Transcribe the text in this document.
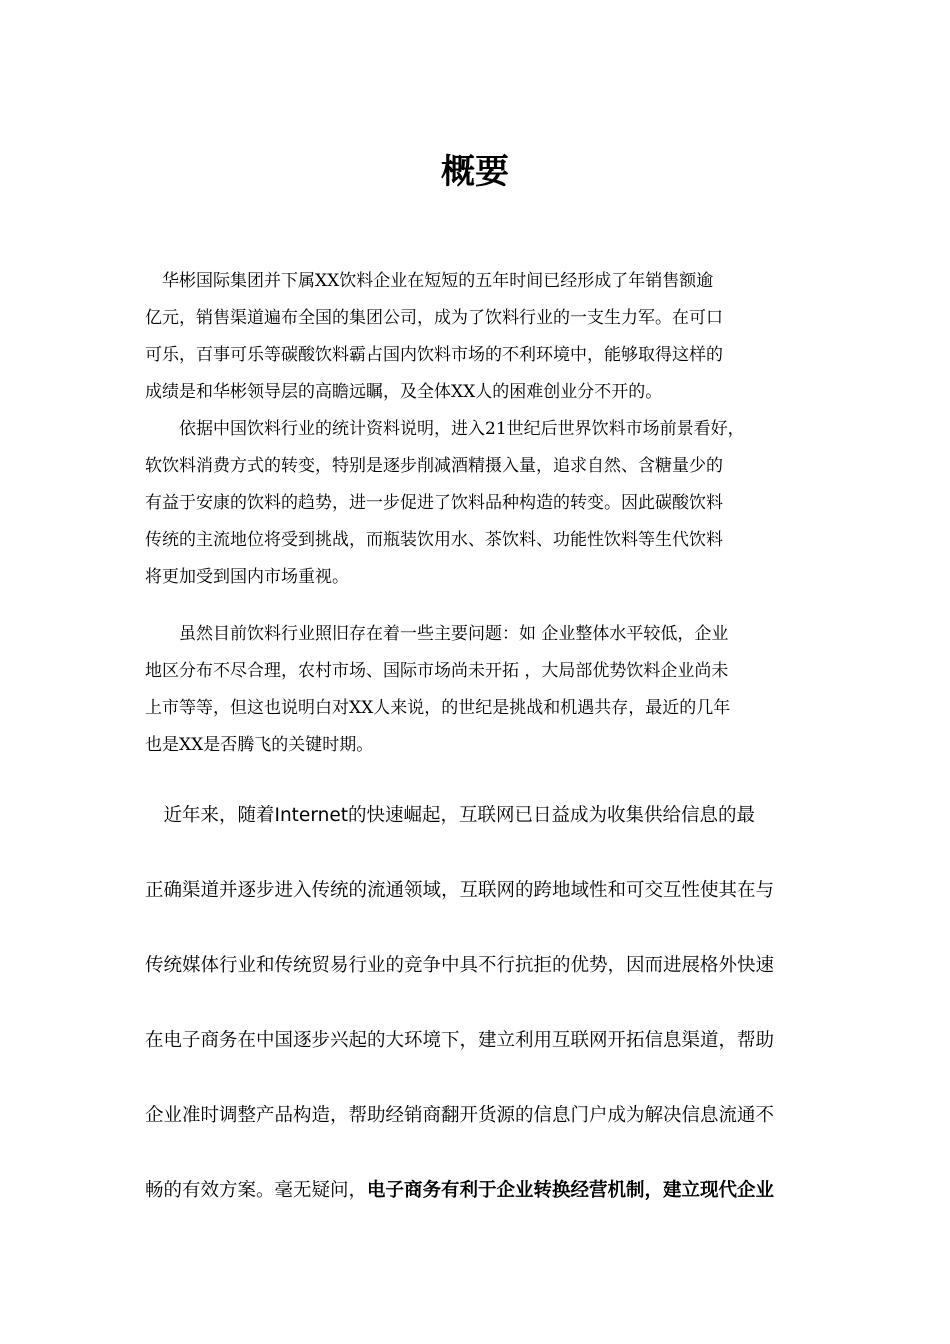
概要
　华彬国际集团并下属XX饮料企业在短短的五年时间已经形成了年销售额逾
亿元，销售渠道遍布全国的集团公司，成为了饮料行业的一支生力军。在可口
可乐，百事可乐等碳酸饮料霸占国内饮料市场的不利环境中，能够取得这样的
成绩是和华彬领导层的高瞻远瞩，及全体XX人的困难创业分不开的。
　　依据中国饮料行业的统计资料说明，进入21世纪后世界饮料市场前景看好，
软饮料消费方式的转变，特别是逐步削减酒精摄入量，追求自然、含糖量少的
有益于安康的饮料的趋势，进一步促进了饮料品种构造的转变。因此碳酸饮料
传统的主流地位将受到挑战，而瓶装饮用水、茶饮料、功能性饮料等生代饮料
将更加受到国内市场重视。
　　虽然目前饮料行业照旧存在着一些主要问题：如 企业整体水平较低，企业
地区分布不尽合理，农村市场、国际市场尚未开拓 ，大局部优势饮料企业尚未
上市等等，但这也说明白对XX人来说，的世纪是挑战和机遇共存，最近的几年
也是XX是否腾飞的关键时期。
　近年来，随着Internet的快速崛起，互联网已日益成为收集供给信息的最
正确渠道并逐步进入传统的流通领域，互联网的跨地域性和可交互性使其在与
传统媒体行业和传统贸易行业的竞争中具不行抗拒的优势，因而进展格外快速
在电子商务在中国逐步兴起的大环境下，建立利用互联网开拓信息渠道，帮助
企业准时调整产品构造，帮助经销商翻开货源的信息门户成为解决信息流通不
畅的有效方案。毫无疑问，电子商务有利于企业转换经营机制，建立现代企业
